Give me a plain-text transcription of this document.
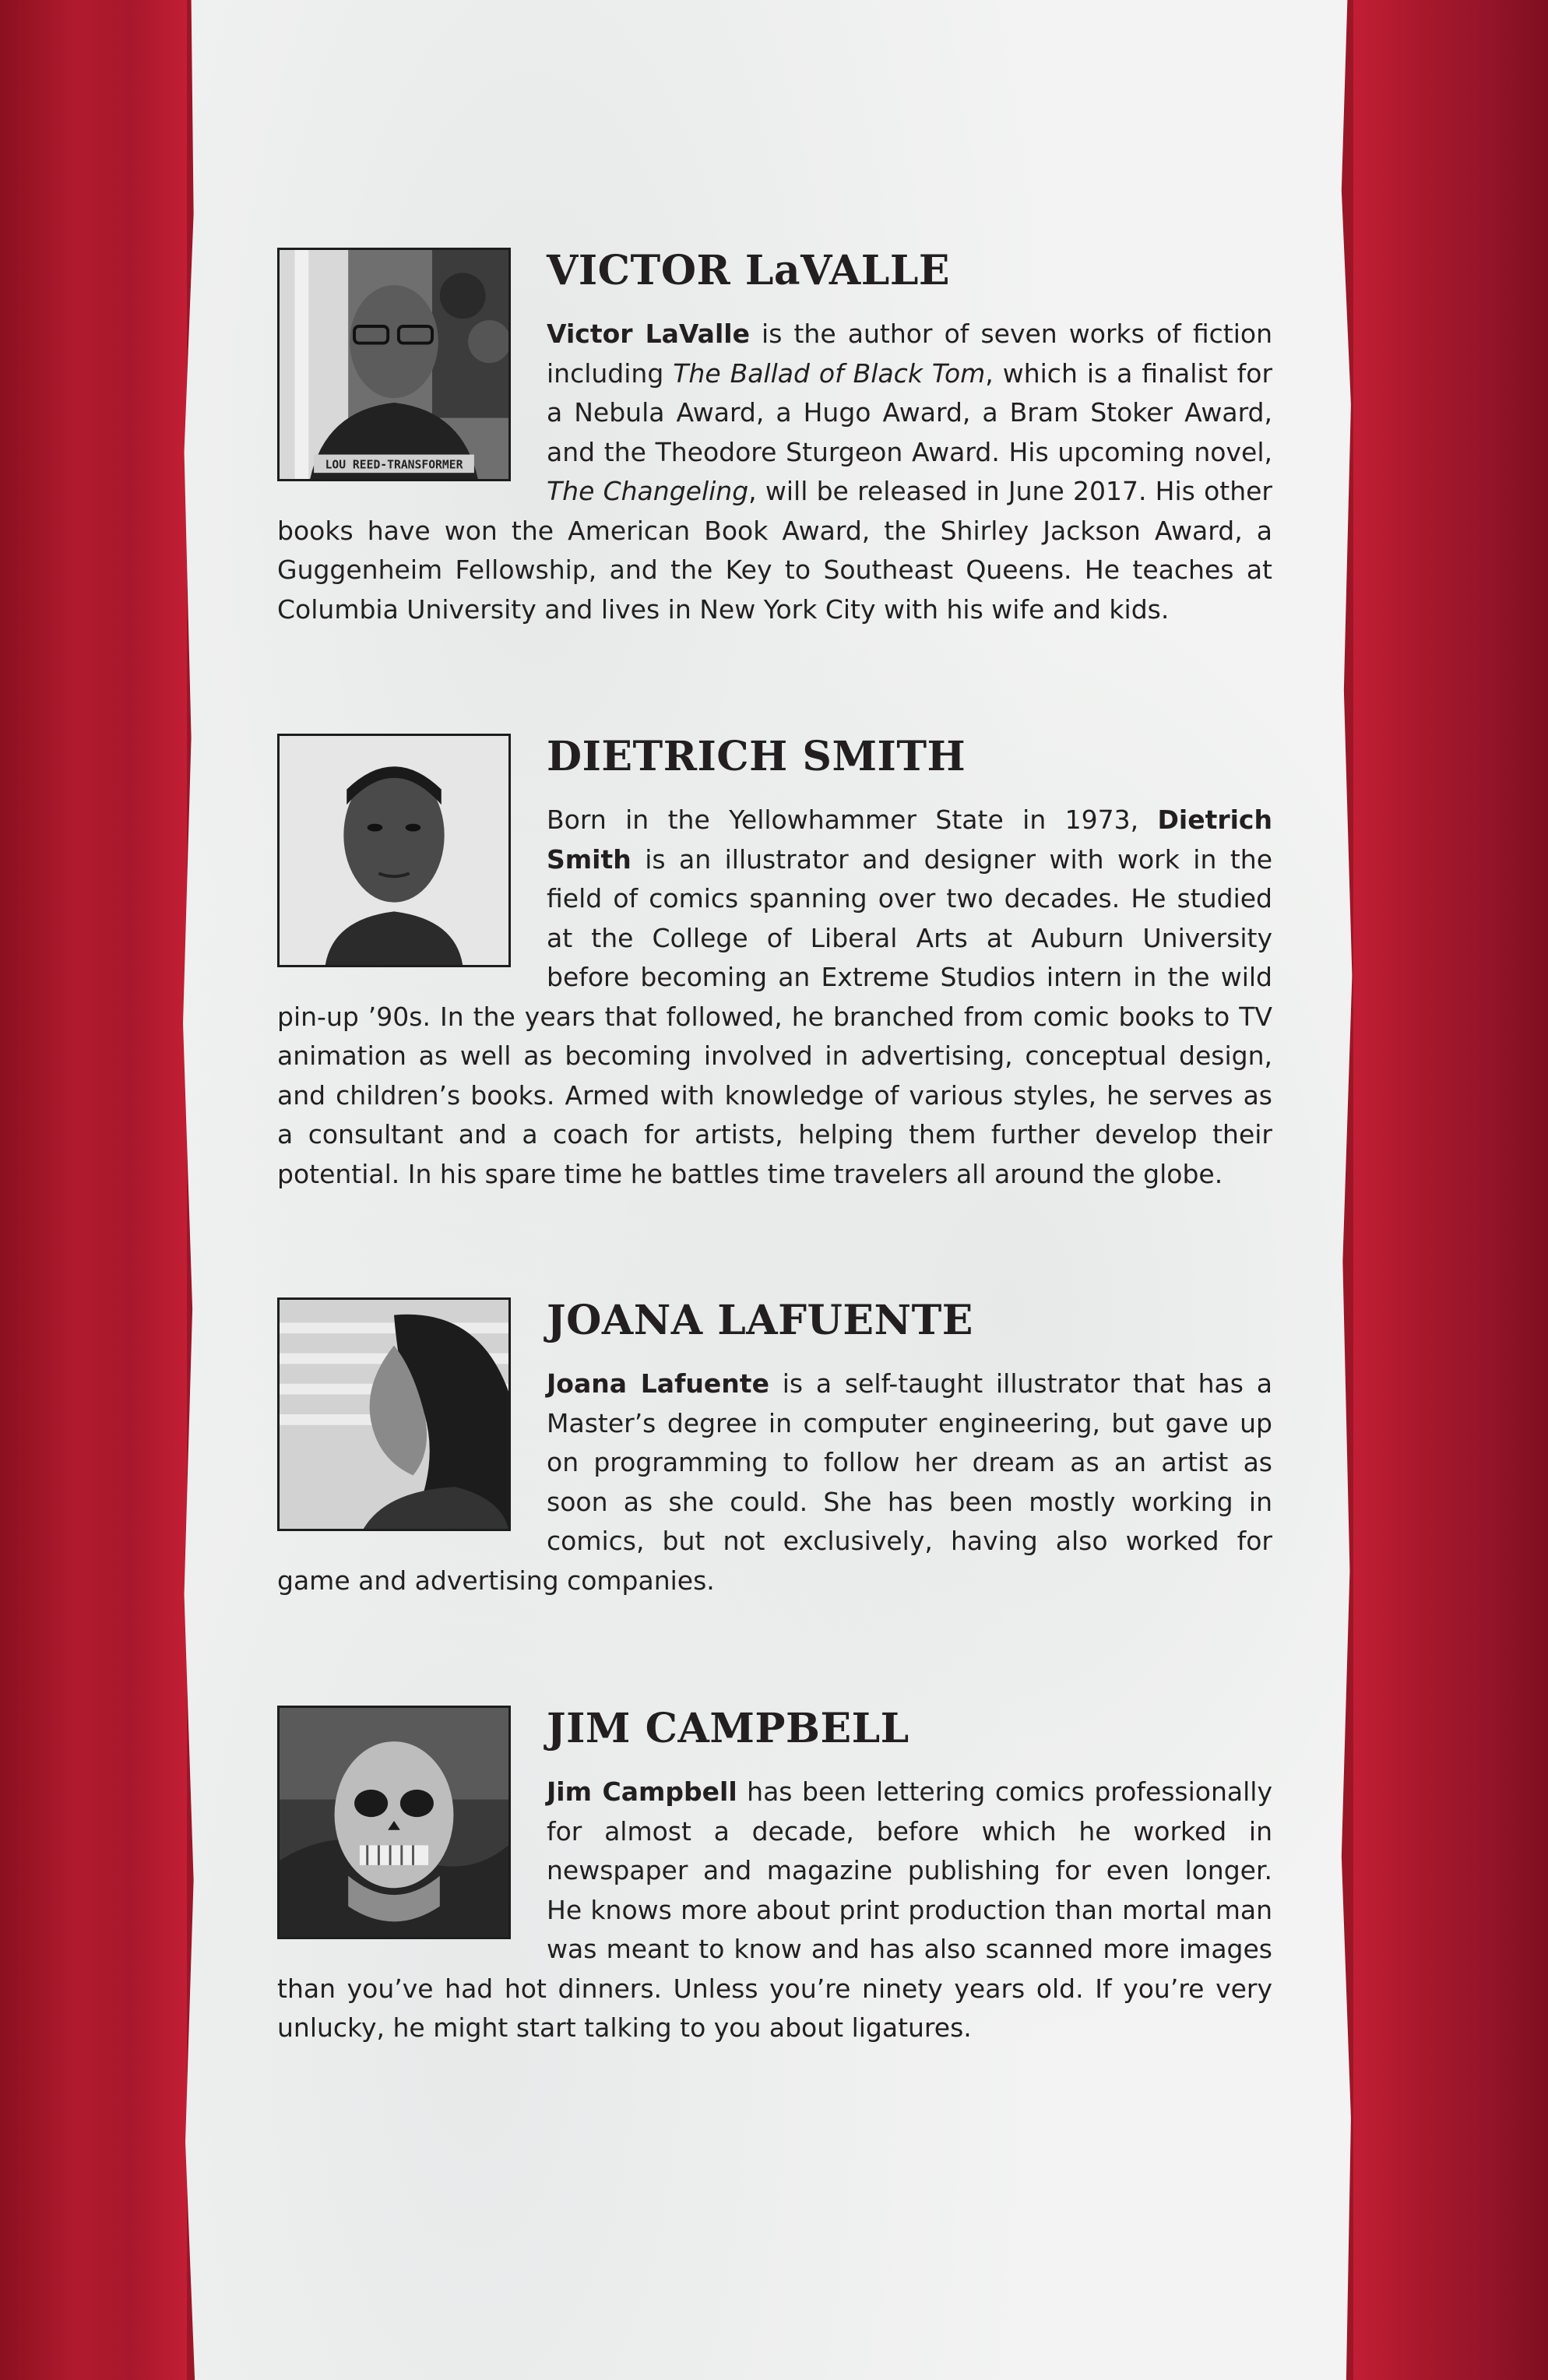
LOU REED-TRANSFORMER
VICTOR LaVALLE

Victor LaValle is the author of seven works of fiction including The Ballad of Black Tom, which is a finalist for a Nebula Award, a Hugo Award, a Bram Stoker Award, and the Theodore Sturgeon Award. His upcoming novel, The Changeling, will be released in June 2017. His other books have won the American Book Award, the Shirley Jackson Award, a Guggenheim Fellowship, and the Key to Southeast Queens. He teaches at Columbia University and lives in New York City with his wife and kids.

DIETRICH SMITH

Born in the Yellowhammer State in 1973, Dietrich Smith is an illustrator and designer with work in the field of comics spanning over two decades. He studied at the College of Liberal Arts at Auburn University before becoming an Extreme Studios intern in the wild pin-up ’90s. In the years that followed, he branched from comic books to TV animation as well as becoming involved in advertising, conceptual design, and children’s books. Armed with knowledge of various styles, he serves as a consultant and a coach for artists, helping them further develop their potential. In his spare time he battles time travelers all around the globe.

JOANA LAFUENTE

Joana Lafuente is a self-taught illustrator that has a Master’s degree in computer engineering, but gave up on programming to follow her dream as an artist as soon as she could. She has been mostly working in comics, but not exclusively, having also worked for game and advertising companies.

JIM CAMPBELL

Jim Campbell has been lettering comics professionally for almost a decade, before which he worked in newspaper and magazine publishing for even longer. He knows more about print production than mortal man was meant to know and has also scanned more images than you’ve had hot dinners. Unless you’re ninety years old. If you’re very unlucky, he might start talking to you about ligatures.
